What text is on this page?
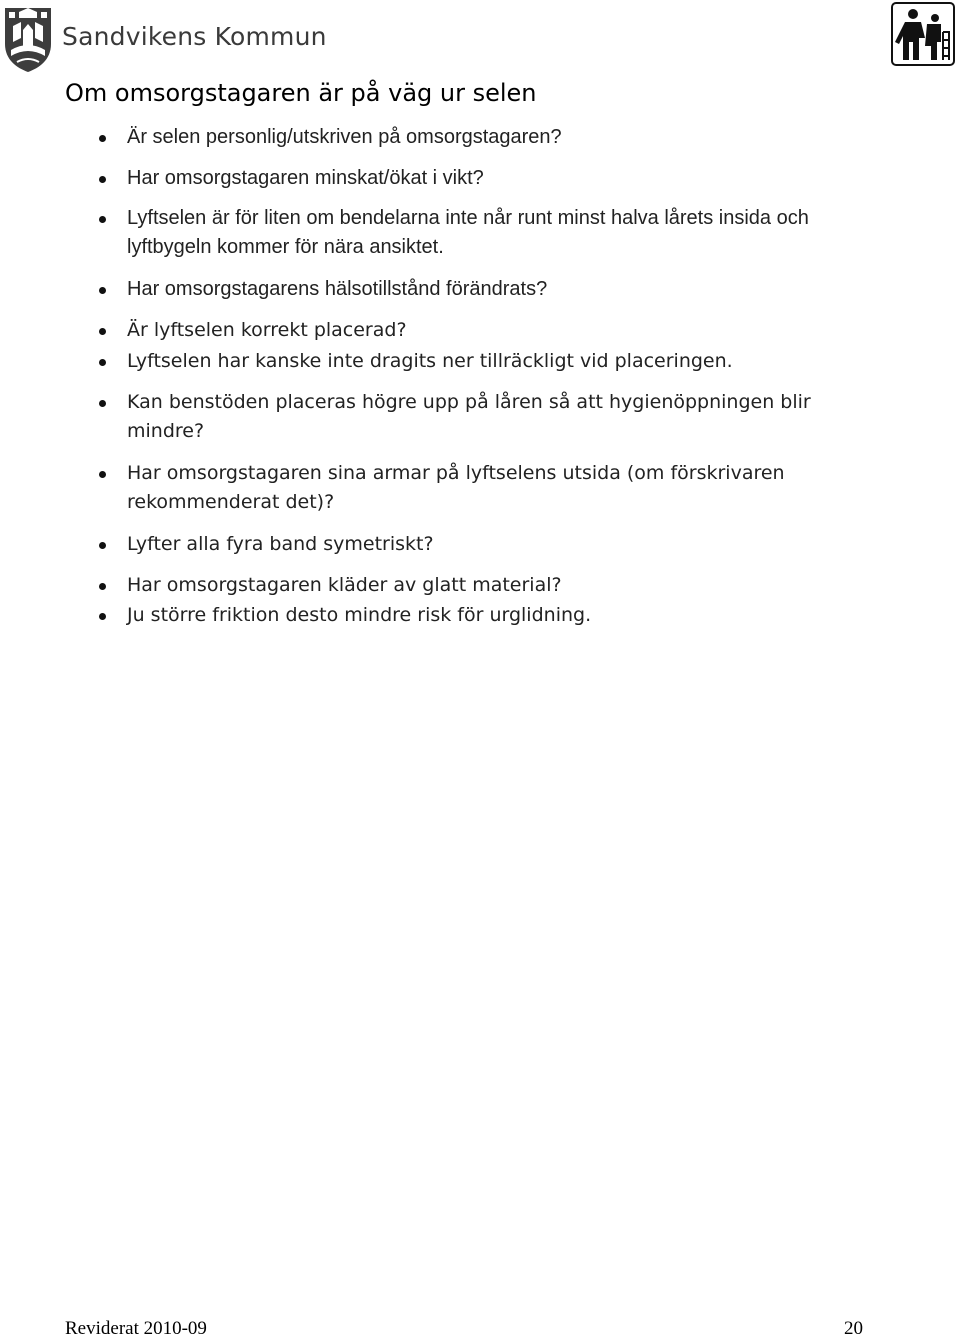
Sandvikens Kommun
Om omsorgstagaren är på väg ur selen
Är selen personlig/utskriven på omsorgstagaren?
Har omsorgstagaren minskat/ökat i vikt?
Lyftselen är för liten om bendelarna inte når runt minst halva lårets insida och lyftbygeln kommer för nära ansiktet.
Har omsorgstagarens hälsotillstånd förändrats?
Är lyftselen korrekt placerad?
Lyftselen har kanske inte dragits ner tillräckligt vid placeringen.
Kan benstöden placeras högre upp på låren så att hygienöppningen blir mindre?
Har omsorgstagaren sina armar på lyftselens utsida (om förskrivaren rekommenderat det)?
Lyfter alla fyra band symetriskt?
Har omsorgstagaren kläder av glatt material?
Ju större friktion desto mindre risk för urglidning.
Reviderat 2010-09	20
